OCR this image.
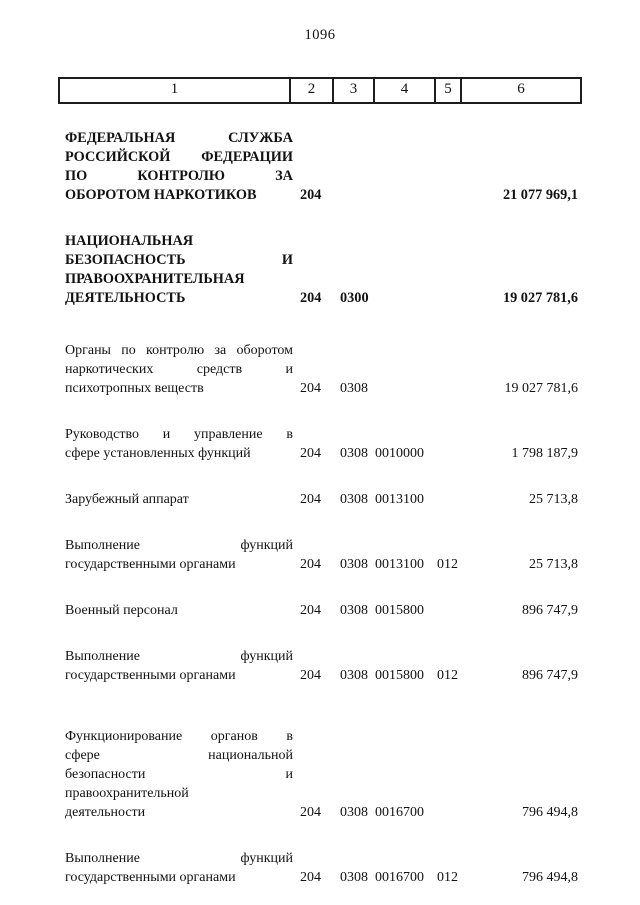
1096
1	2	3	4	5	6
ФЕДЕРАЛЬНАЯ СЛУЖБА
РОССИЙСКОЙ ФЕДЕРАЦИИ
ПО КОНТРОЛЮ ЗА
ОБОРОТОМ НАРКОТИКОВ	204	21 077 969,1
НАЦИОНАЛЬНАЯ
БЕЗОПАСНОСТЬ И
ПРАВООХРАНИТЕЛЬНАЯ
ДЕЯТЕЛЬНОСТЬ	204	0300	19 027 781,6
Органы по контролю за оборотом
наркотических средств и
психотропных веществ	204	0308	19 027 781,6
Руководство и управление в
сфере установленных функций	204	0308 0010000	1 798 187,9
Зарубежный аппарат	204	0308 0013100	25 713,8
Выполнение функций
государственными органами	204	0308 0013100 012	25 713,8
Военный персонал	204	0308 0015800	896 747,9
Выполнение функций
государственными органами	204	0308 0015800 012	896 747,9
Функционирование органов в
сфере национальной
безопасности и
правоохранительной
деятельности	204	0308 0016700	796 494,8
Выполнение функций
государственными органами	204	0308 0016700 012	796 494,8
